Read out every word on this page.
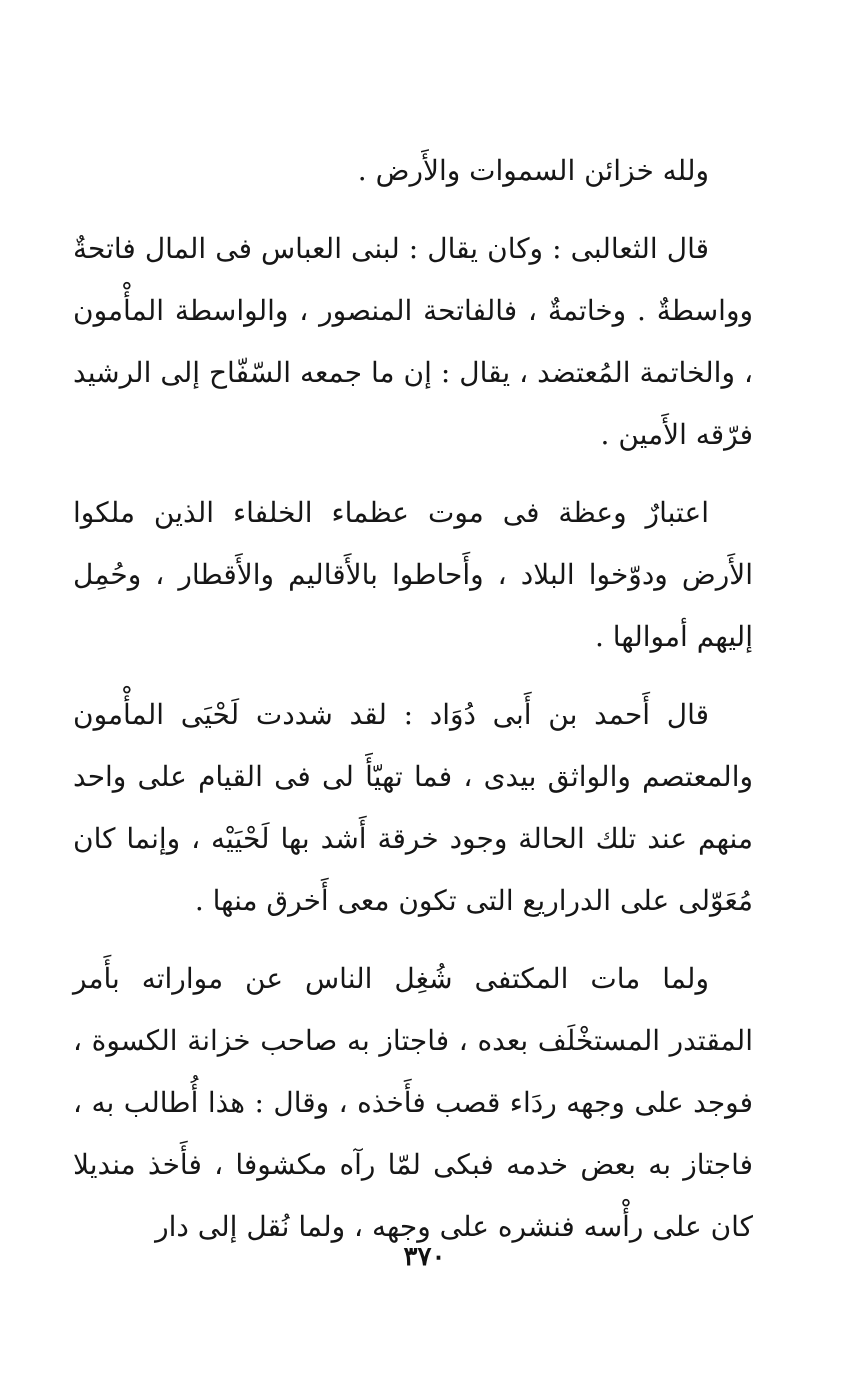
ولله خزائن السموات والأَرض .

قال الثعالبى : وكان يقال : لبنى العباس فى المال فاتحةٌ وواسطةٌ . وخاتمةٌ ، فالفاتحة المنصور ، والواسطة المأْمون ، والخاتمة المُعتضد ، يقال : إن ما جمعه السّفّاح إلى الرشيد فرّقه الأَمين .

اعتبارٌ وعظة فى موت عظماء الخلفاء الذين ملكوا الأَرض ودوّخوا البلاد ، وأَحاطوا بالأَقاليم والأَقطار ، وحُمِل إليهم أموالها .

قال أَحمد بن أَبى دُوَاد : لقد شددت لَحْيَى المأْمون والمعتصم والواثق بيدى ، فما تهيّأَ لى فى القيام على واحد منهم عند تلك الحالة وجود خرقة أَشد بها لَحْيَيْه ، وإنما كان مُعَوّلى على الدراريع التى تكون معى أَخرق منها .

ولما مات المكتفى شُغِل الناس عن مواراته بأَمر المقتدر المستخْلَف بعده ، فاجتاز به صاحب خزانة الكسوة ، فوجد على وجهه ردَاء قصب فأَخذه ، وقال : هذا أُطالب به ، فاجتاز به بعض خدمه فبكى لمّا رآه مكشوفا ، فأَخذ منديلا كان على رأْسه فنشره على وجهه ، ولما نُقل إلى دار

٣٧٠
